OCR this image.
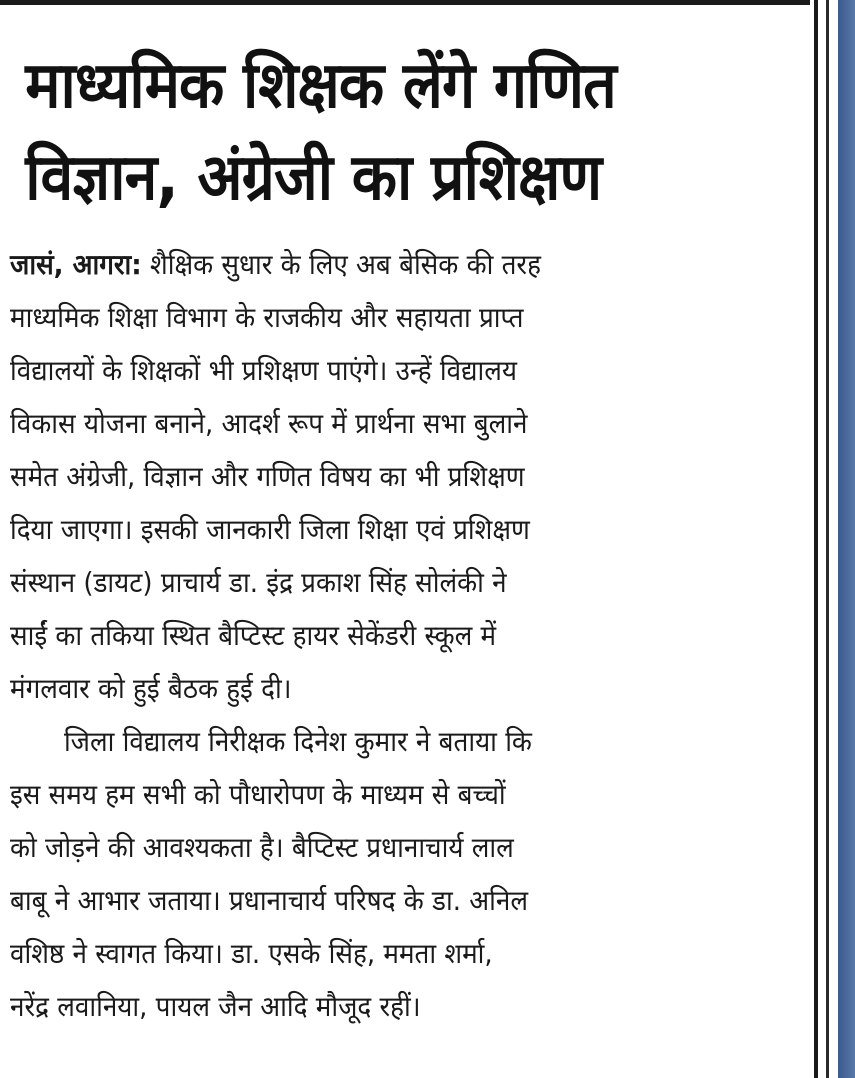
माध्यमिक शिक्षक लेंगे गणित
विज्ञान, अंग्रेजी का प्रशिक्षण
जासं, आगरा: शैक्षिक सुधार के लिए अब बेसिक की तरह
माध्यमिक शिक्षा विभाग के राजकीय और सहायता प्राप्त
विद्यालयों के शिक्षकों भी प्रशिक्षण पाएंगे। उन्हें विद्यालय
विकास योजना बनाने, आदर्श रूप में प्रार्थना सभा बुलाने
समेत अंग्रेजी, विज्ञान और गणित विषय का भी प्रशिक्षण
दिया जाएगा। इसकी जानकारी जिला शिक्षा एवं प्रशिक्षण
संस्थान (डायट) प्राचार्य डा. इंद्र प्रकाश सिंह सोलंकी ने
साईं का तकिया स्थित बैप्टिस्ट हायर सेकेंडरी स्कूल में
मंगलवार को हुई बैठक हुई दी।
जिला विद्यालय निरीक्षक दिनेश कुमार ने बताया कि
इस समय हम सभी को पौधारोपण के माध्यम से बच्चों
को जोड़ने की आवश्यकता है। बैप्टिस्ट प्रधानाचार्य लाल
बाबू ने आभार जताया। प्रधानाचार्य परिषद के डा. अनिल
वशिष्ठ ने स्वागत किया। डा. एसके सिंह, ममता शर्मा,
नरेंद्र लवानिया, पायल जैन आदि मौजूद रहीं।
